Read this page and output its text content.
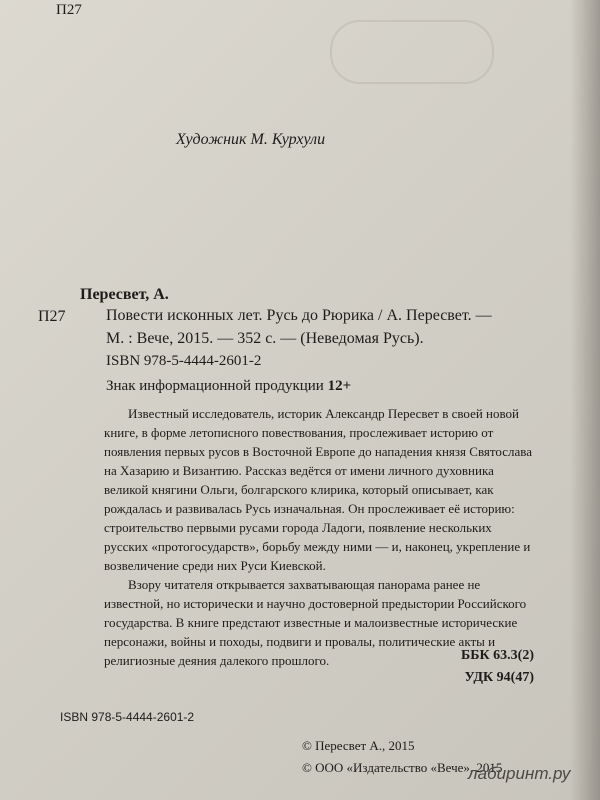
П27
Художник М. Курхули
Пересвет, А.
П27	Повести исконных лет. Русь до Рюрика / А. Пересвет. —
М. : Вече, 2015. — 352 с. — (Неведомая Русь).
ISBN 978-5-4444-2601-2
Знак информационной продукции 12+

Известный исследователь, историк Александр Пересвет в своей новой книге, в форме летописного повествования, прослеживает историю от появления первых русов в Восточной Европе до нападения князя Святослава на Хазарию и Византию. Рассказ ведётся от имени личного духовника великой княгини Ольги, болгарского клирика, который описывает, как рождалась и развивалась Русь изначальная. Он прослеживает её историю: строительство первыми русами города Ладоги, появление нескольких русских «протогосударств», борьбу между ними — и, наконец, укрепление и возвеличение среди них Руси Киевской.

Взору читателя открывается захватывающая панорама ранее не известной, но исторически и научно достоверной предыстории Российского государства. В книге предстают известные и малоизвестные исторические персонажи, войны и походы, подвиги и провалы, политические акты и религиозные деяния далекого прошлого.	ББК 63.3(2)
УДК 94(47)
ISBN 978-5-4444-2601-2
© Пересвет А., 2015
© ООО «Издательство «Вече», 2015
лабиринт.ру
